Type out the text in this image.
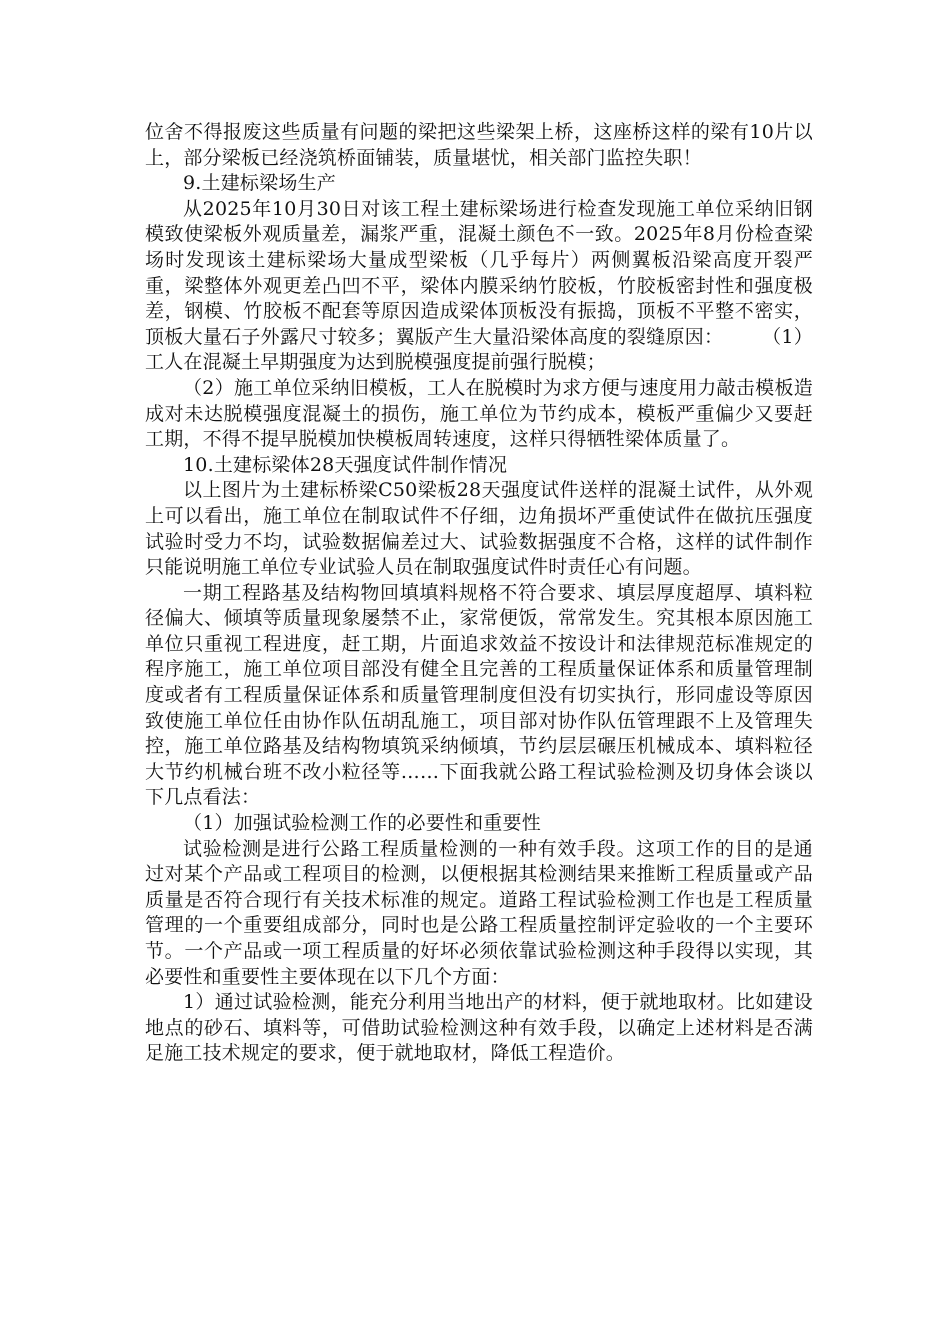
位舍不得报废这些质量有问题的梁把这些梁架上桥，这座桥这样的梁有10片以上，部分梁板已经浇筑桥面铺装，质量堪忧，相关部门监控失职！

9.土建标梁场生产

从2025年10月30日对该工程土建标梁场进行检查发现施工单位采纳旧钢模致使梁板外观质量差，漏浆严重，混凝土颜色不一致。2025年8月份检查梁场时发现该土建标梁场大量成型梁板（几乎每片）两侧翼板沿梁高度开裂严重，梁整体外观更差凸凹不平，梁体内膜采纳竹胶板，竹胶板密封性和强度极差，钢模、竹胶板不配套等原因造成梁体顶板没有振捣，顶板不平整不密实，顶板大量石子外露尺寸较多；翼版产生大量沿梁体高度的裂缝原因：　　　（1）工人在混凝土早期强度为达到脱模强度提前强行脱模；

（2）施工单位采纳旧模板，工人在脱模时为求方便与速度用力敲击模板造成对未达脱模强度混凝土的损伤，施工单位为节约成本，模板严重偏少又要赶工期，不得不提早脱模加快模板周转速度，这样只得牺牲梁体质量了。

10.土建标梁体28天强度试件制作情况

以上图片为土建标桥梁C50梁板28天强度试件送样的混凝土试件，从外观上可以看出，施工单位在制取试件不仔细，边角损坏严重使试件在做抗压强度试验时受力不均，试验数据偏差过大、试验数据强度不合格，这样的试件制作只能说明施工单位专业试验人员在制取强度试件时责任心有问题。

一期工程路基及结构物回填填料规格不符合要求、填层厚度超厚、填料粒径偏大、倾填等质量现象屡禁不止，家常便饭，常常发生。究其根本原因施工单位只重视工程进度，赶工期，片面追求效益不按设计和法律规范标准规定的程序施工，施工单位项目部没有健全且完善的工程质量保证体系和质量管理制度或者有工程质量保证体系和质量管理制度但没有切实执行，形同虚设等原因致使施工单位任由协作队伍胡乱施工，项目部对协作队伍管理跟不上及管理失控，施工单位路基及结构物填筑采纳倾填，节约层层碾压机械成本、填料粒径大节约机械台班不改小粒径等……下面我就公路工程试验检测及切身体会谈以下几点看法：

（1）加强试验检测工作的必要性和重要性

试验检测是进行公路工程质量检测的一种有效手段。这项工作的目的是通过对某个产品或工程项目的检测，以便根据其检测结果来推断工程质量或产品质量是否符合现行有关技术标准的规定。道路工程试验检测工作也是工程质量管理的一个重要组成部分，同时也是公路工程质量控制评定验收的一个主要环节。一个产品或一项工程质量的好坏必须依靠试验检测这种手段得以实现，其必要性和重要性主要体现在以下几个方面：

1）通过试验检测，能充分利用当地出产的材料，便于就地取材。比如建设地点的砂石、填料等，可借助试验检测这种有效手段，以确定上述材料是否满足施工技术规定的要求，便于就地取材，降低工程造价。
